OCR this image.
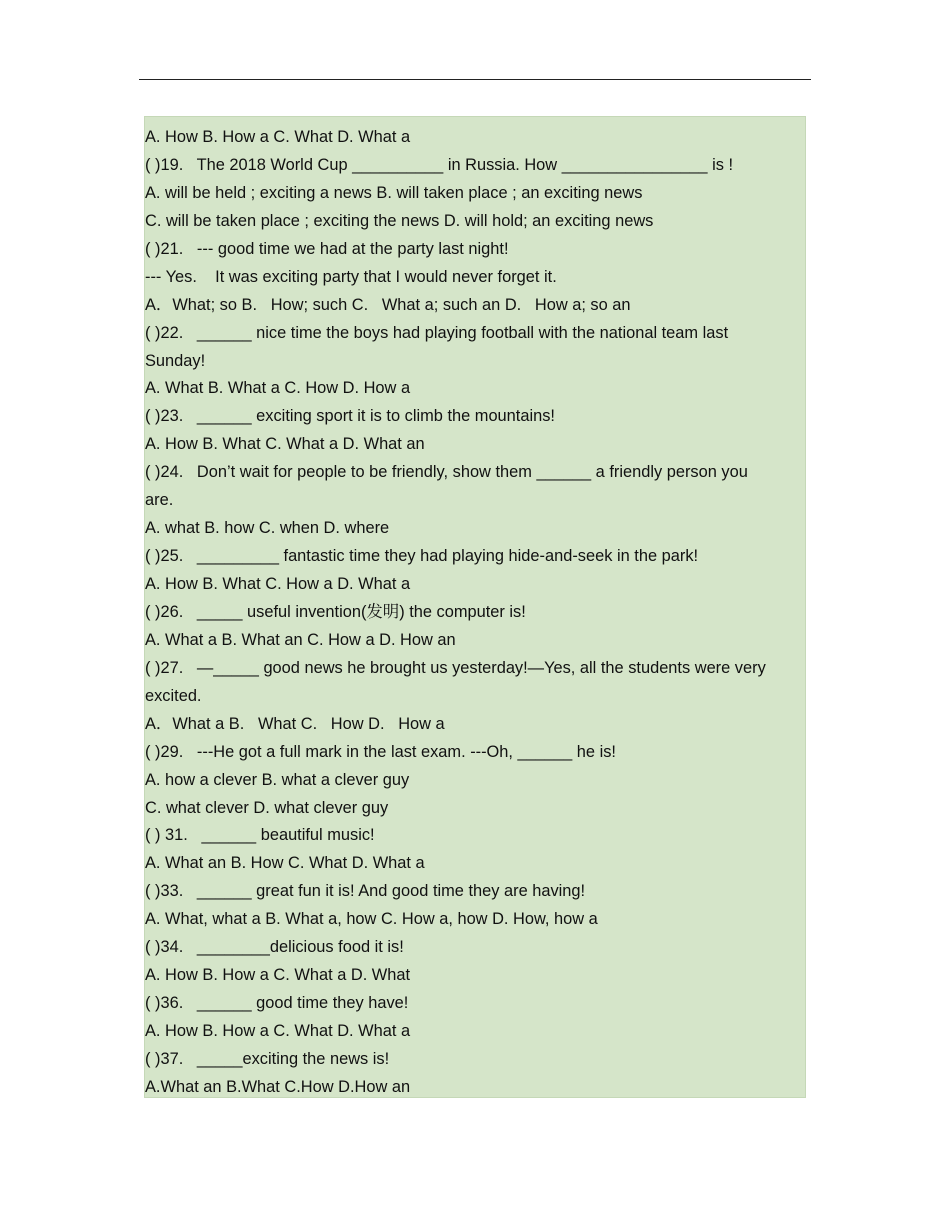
A. How B. How a C. What D. What a
( )19.   The 2018 World Cup __________ in Russia. How ________________ is !
A. will be held ; exciting a news B. will taken place ; an exciting news
C. will be taken place ; exciting the news D. will hold; an exciting news
( )21.   --- good time we had at the party last night!
--- Yes.    It was exciting party that I would never forget it.
A．What; so B.   How; such C.   What a; such an D.   How a; so an
( )22.   ______ nice time the boys had playing football with the national team last
Sunday!
A. What B. What a C. How D. How a
( )23.   ______ exciting sport it is to climb the mountains!
A. How B. What C. What a D. What an
( )24.   Don’t wait for people to be friendly, show them ______ a friendly person you
are.
A. what B. how C. when D. where
( )25.   _________ fantastic time they had playing hide-and-seek in the park!
A. How B. What C. How a D. What a
( )26.   _____ useful invention(发明) the computer is!
A. What a B. What an C. How a D. How an
( )27.   —_____ good news he brought us yesterday!—Yes, all the students were very
excited.
A．What a B.   What C.   How D.   How a
( )29.   ---He got a full mark in the last exam. ---Oh, ______ he is!
A. how a clever B. what a clever guy
C. what clever D. what clever guy
( ) 31.   ______ beautiful music!
A. What an B. How C. What D. What a
( )33.   ______ great fun it is! And good time they are having!
A. What, what a B. What a, how C. How a, how D. How, how a
( )34.   ________delicious food it is!
A. How B. How a C. What a D. What
( )36.   ______ good time they have!
A. How B. How a C. What D. What a
( )37.   _____exciting the news is!
A.What an B.What C.How D.How an
